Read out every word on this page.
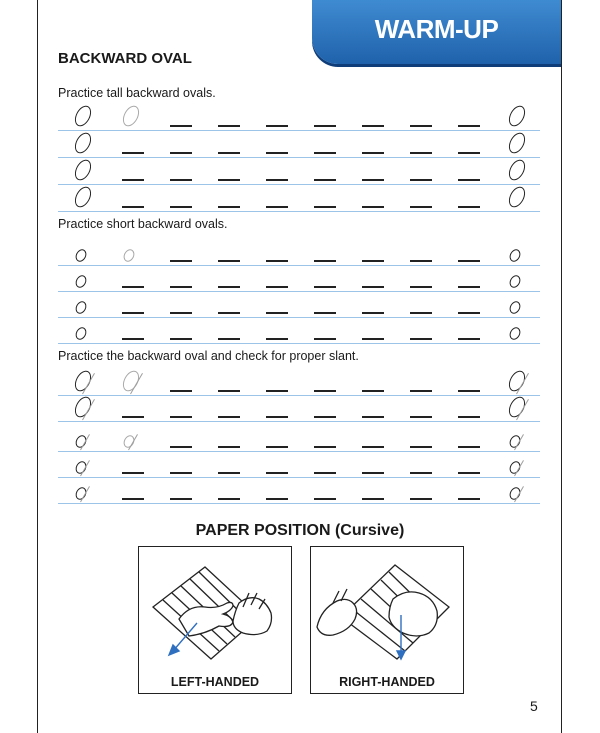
WARM-UP
BACKWARD OVAL
Practice tall backward ovals.
Practice short backward ovals.
Practice the backward oval and check for proper slant.
PAPER POSITION (Cursive)
LEFT-HANDED	RIGHT-HANDED
5
